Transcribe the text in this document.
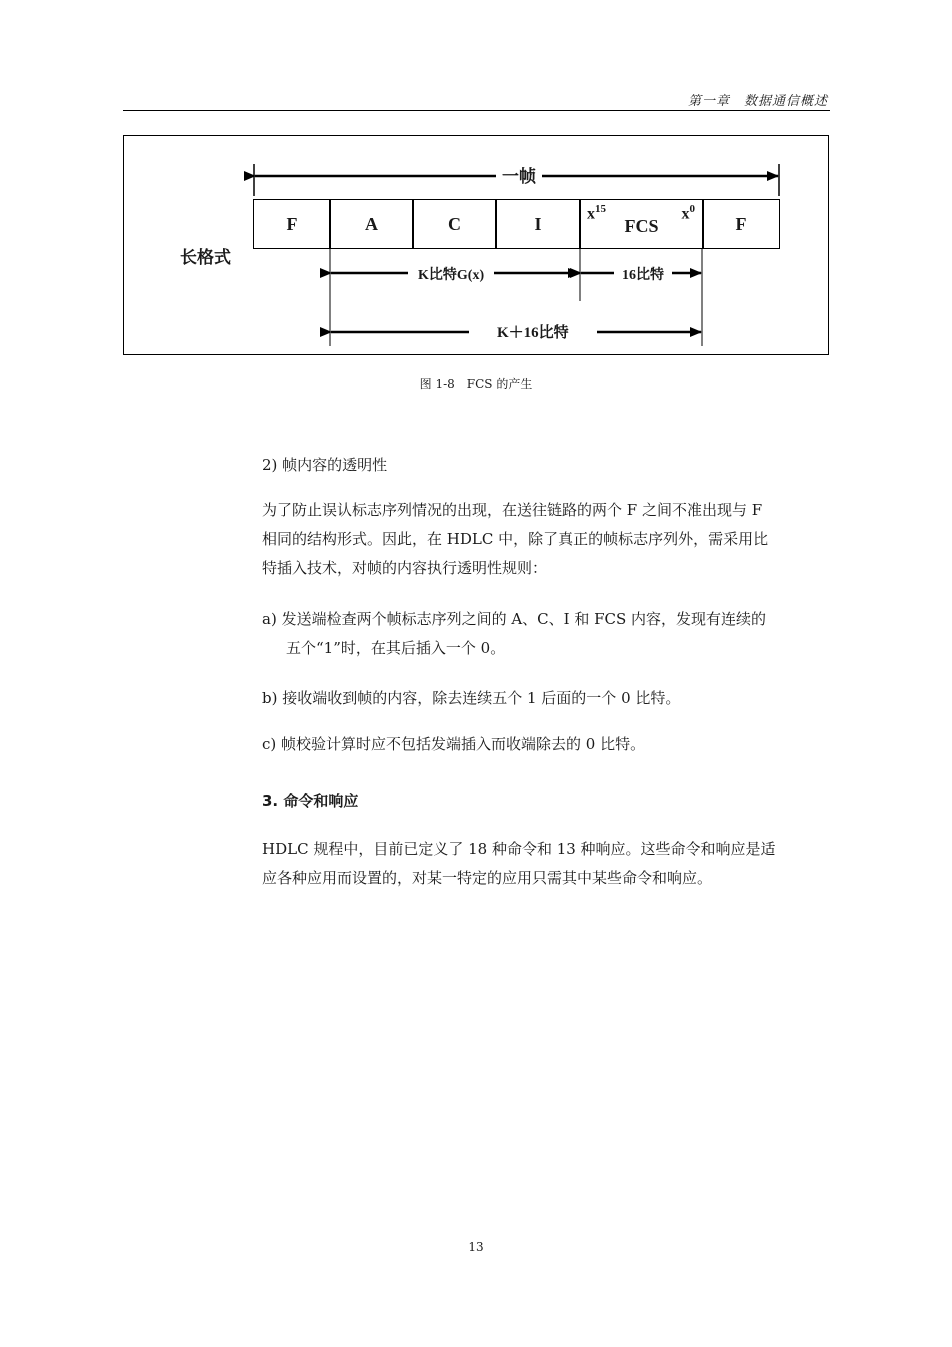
第一章　数据通信概述
一帧
长格式
F	A	C	I	FCS
$x^{15}$	$x^0$
F
K比特G(x)	16比特
K＋16比特
图 1-8　FCS 的产生
2) 帧内容的透明性
为了防止误认标志序列情况的出现，在送往链路的两个 F 之间不准出现与 F
相同的结构形式。因此，在 HDLC 中，除了真正的帧标志序列外，需采用比
特插入技术，对帧的内容执行透明性规则：
a) 发送端检查两个帧标志序列之间的 A、C、I 和 FCS 内容，发现有连续的
五个“1”时，在其后插入一个 0。
b) 接收端收到帧的内容，除去连续五个 1 后面的一个 0 比特。
c) 帧校验计算时应不包括发端插入而收端除去的 0 比特。
3. 命令和响应
HDLC 规程中，目前已定义了 18 种命令和 13 种响应。这些命令和响应是适
应各种应用而设置的，对某一特定的应用只需其中某些命令和响应。
13
